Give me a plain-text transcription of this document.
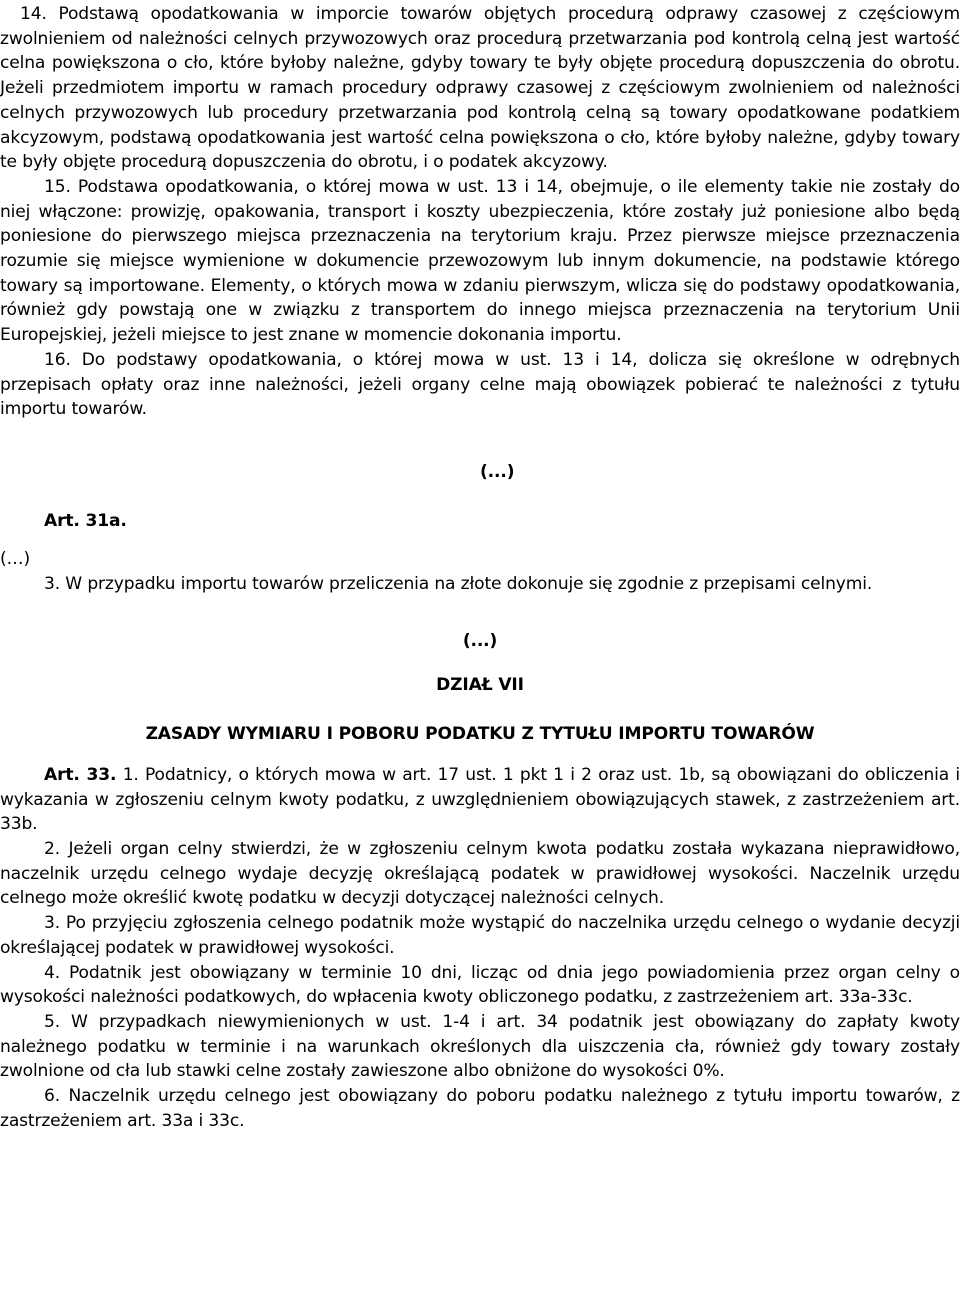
14. Podstawą opodatkowania w imporcie towarów objętych procedurą odprawy czasowej z częściowym zwolnieniem od należności celnych przywozowych oraz procedurą przetwarzania pod kontrolą celną jest wartość celna powiększona o cło, które byłoby należne, gdyby towary te były objęte procedurą dopuszczenia do obrotu. Jeżeli przedmiotem importu w ramach procedury odprawy czasowej z częściowym zwolnieniem od należności celnych przywozowych lub procedury przetwarzania pod kontrolą celną są towary opodatkowane podatkiem akcyzowym, podstawą opodatkowania jest wartość celna powiększona o cło, które byłoby należne, gdyby towary te były objęte procedurą dopuszczenia do obrotu, i o podatek akcyzowy.

15. Podstawa opodatkowania, o której mowa w ust. 13 i 14, obejmuje, o ile elementy takie nie zostały do niej włączone: prowizję, opakowania, transport i koszty ubezpieczenia, które zostały już poniesione albo będą poniesione do pierwszego miejsca przeznaczenia na terytorium kraju. Przez pierwsze miejsce przeznaczenia rozumie się miejsce wymienione w dokumencie przewozowym lub innym dokumencie, na podstawie którego towary są importowane. Elementy, o których mowa w zdaniu pierwszym, wlicza się do podstawy opodatkowania, również gdy powstają one w związku z transportem do innego miejsca przeznaczenia na terytorium Unii Europejskiej, jeżeli miejsce to jest znane w momencie dokonania importu.

16. Do podstawy opodatkowania, o której mowa w ust. 13 i 14, dolicza się określone w odrębnych przepisach opłaty oraz inne należności, jeżeli organy celne mają obowiązek pobierać te należności z tytułu importu towarów.

(...)

Art. 31a.

(…)

3. W przypadku importu towarów przeliczenia na złote dokonuje się zgodnie z przepisami celnymi.

(...)

DZIAŁ VII

ZASADY WYMIARU I POBORU PODATKU Z TYTUŁU IMPORTU TOWARÓW

Art. 33. 1. Podatnicy, o których mowa w art. 17 ust. 1 pkt 1 i 2 oraz ust. 1b, są obowiązani do obliczenia i wykazania w zgłoszeniu celnym kwoty podatku, z uwzględnieniem obowiązujących stawek, z zastrzeżeniem art. 33b.

2. Jeżeli organ celny stwierdzi, że w zgłoszeniu celnym kwota podatku została wykazana nieprawidłowo, naczelnik urzędu celnego wydaje decyzję określającą podatek w prawidłowej wysokości. Naczelnik urzędu celnego może określić kwotę podatku w decyzji dotyczącej należności celnych.

3. Po przyjęciu zgłoszenia celnego podatnik może wystąpić do naczelnika urzędu celnego o wydanie decyzji określającej podatek w prawidłowej wysokości.

4. Podatnik jest obowiązany w terminie 10 dni, licząc od dnia jego powiadomienia przez organ celny o wysokości należności podatkowych, do wpłacenia kwoty obliczonego podatku, z zastrzeżeniem art. 33a-33c.

5. W przypadkach niewymienionych w ust. 1-4 i art. 34 podatnik jest obowiązany do zapłaty kwoty należnego podatku w terminie i na warunkach określonych dla uiszczenia cła, również gdy towary zostały zwolnione od cła lub stawki celne zostały zawieszone albo obniżone do wysokości 0%.

6. Naczelnik urzędu celnego jest obowiązany do poboru podatku należnego z tytułu importu towarów, z zastrzeżeniem art. 33a i 33c.
